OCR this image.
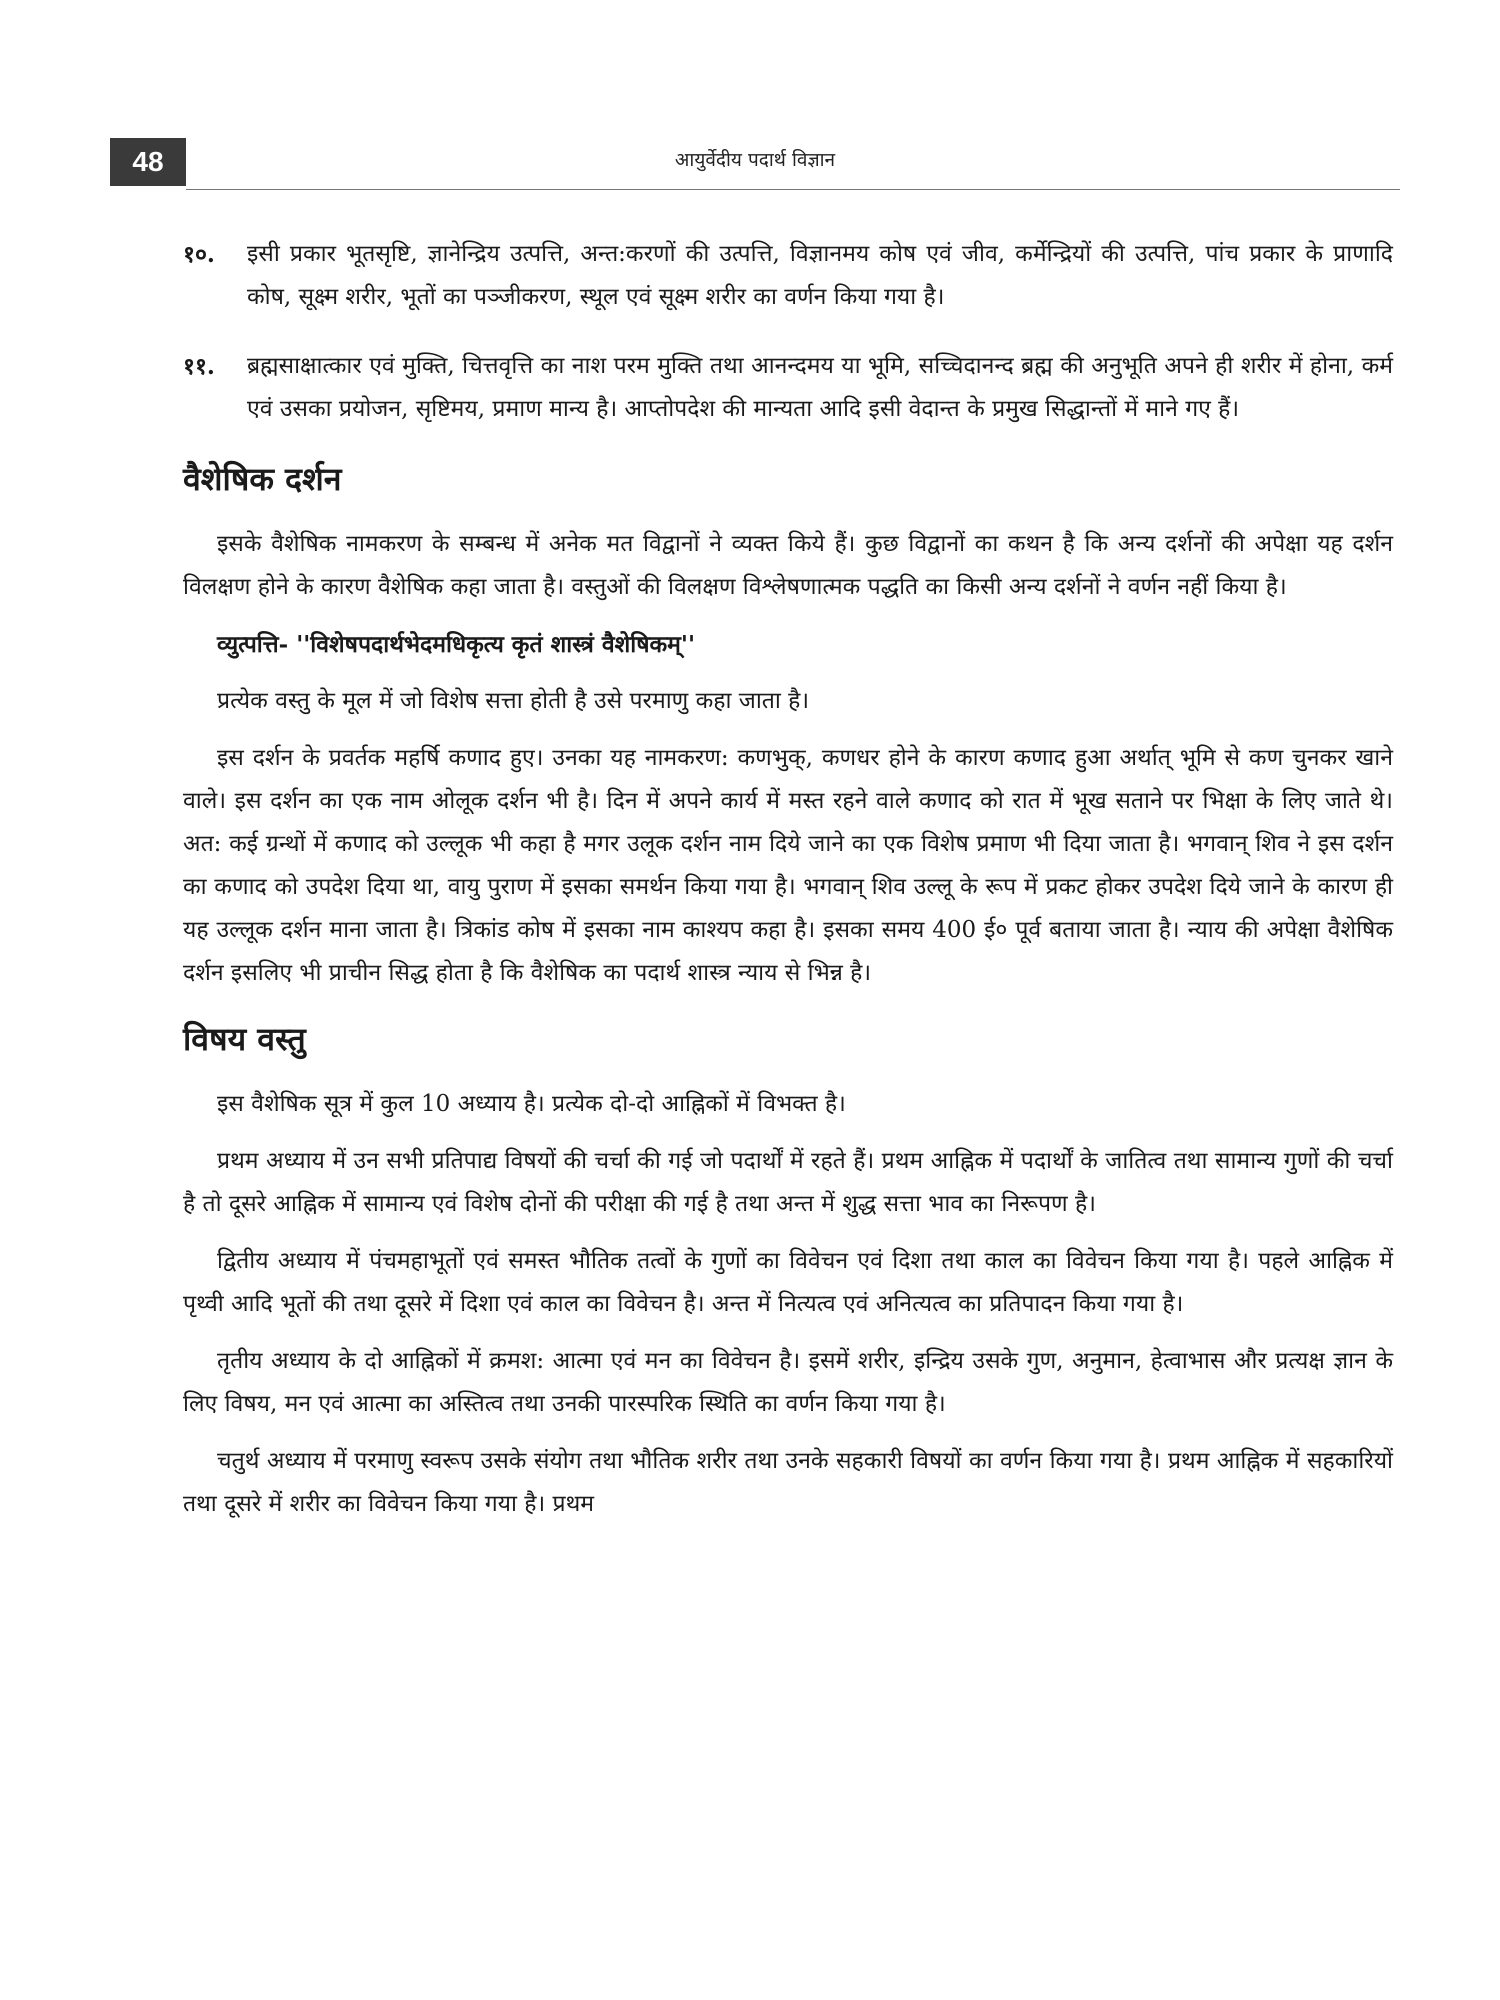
48	आयुर्वेदीय पदार्थ विज्ञान
१०.	इसी प्रकार भूतसृष्टि, ज्ञानेन्द्रिय उत्पत्ति, अन्त:करणों की उत्पत्ति, विज्ञानमय कोष एवं जीव, कर्मेन्द्रियों की उत्पत्ति, पांच प्रकार के प्राणादि कोष, सूक्ष्म शरीर, भूतों का पञ्जीकरण, स्थूल एवं सूक्ष्म शरीर का वर्णन किया गया है।
११.	ब्रह्मसाक्षात्कार एवं मुक्ति, चित्तवृत्ति का नाश परम मुक्ति तथा आनन्दमय या भूमि, सच्चिदानन्द ब्रह्म की अनुभूति अपने ही शरीर में होना, कर्म एवं उसका प्रयोजन, सृष्टिमय, प्रमाण मान्य है। आप्तोपदेश की मान्यता आदि इसी वेदान्त के प्रमुख सिद्धान्तों में माने गए हैं।
वैशेषिक दर्शन

इसके वैशेषिक नामकरण के सम्बन्ध में अनेक मत विद्वानों ने व्यक्त किये हैं। कुछ विद्वानों का कथन है कि अन्य दर्शनों की अपेक्षा यह दर्शन विलक्षण होने के कारण वैशेषिक कहा जाता है। वस्तुओं की विलक्षण विश्लेषणात्मक पद्धति का किसी अन्य दर्शनों ने वर्णन नहीं किया है।

व्युत्पत्ति- ''विशेषपदार्थभेदमधिकृत्य कृतं शास्त्रं वैशेषिकम्''

प्रत्येक वस्तु के मूल में जो विशेष सत्ता होती है उसे परमाणु कहा जाता है।

इस दर्शन के प्रवर्तक महर्षि कणाद हुए। उनका यह नामकरण: कणभुक्, कणधर होने के कारण कणाद हुआ अर्थात् भूमि से कण चुनकर खाने वाले। इस दर्शन का एक नाम ओलूक दर्शन भी है। दिन में अपने कार्य में मस्त रहने वाले कणाद को रात में भूख सताने पर भिक्षा के लिए जाते थे। अत: कई ग्रन्थों में कणाद को उल्लूक भी कहा है मगर उलूक दर्शन नाम दिये जाने का एक विशेष प्रमाण भी दिया जाता है। भगवान् शिव ने इस दर्शन का कणाद को उपदेश दिया था, वायु पुराण में इसका समर्थन किया गया है। भगवान् शिव उल्लू के रूप में प्रकट होकर उपदेश दिये जाने के कारण ही यह उल्लूक दर्शन माना जाता है। त्रिकांड कोष में इसका नाम काश्यप कहा है। इसका समय 400 ई० पूर्व बताया जाता है। न्याय की अपेक्षा वैशेषिक दर्शन इसलिए भी प्राचीन सिद्ध होता है कि वैशेषिक का पदार्थ शास्त्र न्याय से भिन्न है।

विषय वस्तु

इस वैशेषिक सूत्र में कुल 10 अध्याय है। प्रत्येक दो-दो आह्निकों में विभक्त है।

प्रथम अध्याय में उन सभी प्रतिपाद्य विषयों की चर्चा की गई जो पदार्थों में रहते हैं। प्रथम आह्निक में पदार्थों के जातित्व तथा सामान्य गुणों की चर्चा है तो दूसरे आह्निक में सामान्य एवं विशेष दोनों की परीक्षा की गई है तथा अन्त में शुद्ध सत्ता भाव का निरूपण है।

द्वितीय अध्याय में पंचमहाभूतों एवं समस्त भौतिक तत्वों के गुणों का विवेचन एवं दिशा तथा काल का विवेचन किया गया है। पहले आह्निक में पृथ्वी आदि भूतों की तथा दूसरे में दिशा एवं काल का विवेचन है। अन्त में नित्यत्व एवं अनित्यत्व का प्रतिपादन किया गया है।

तृतीय अध्याय के दो आह्निकों में क्रमश: आत्मा एवं मन का विवेचन है। इसमें शरीर, इन्द्रिय उसके गुण, अनुमान, हेत्वाभास और प्रत्यक्ष ज्ञान के लिए विषय, मन एवं आत्मा का अस्तित्व तथा उनकी पारस्परिक स्थिति का वर्णन किया गया है।

चतुर्थ अध्याय में परमाणु स्वरूप उसके संयोग तथा भौतिक शरीर तथा उनके सहकारी विषयों का वर्णन किया गया है। प्रथम आह्निक में सहकारियों तथा दूसरे में शरीर का विवेचन किया गया है। प्रथम
